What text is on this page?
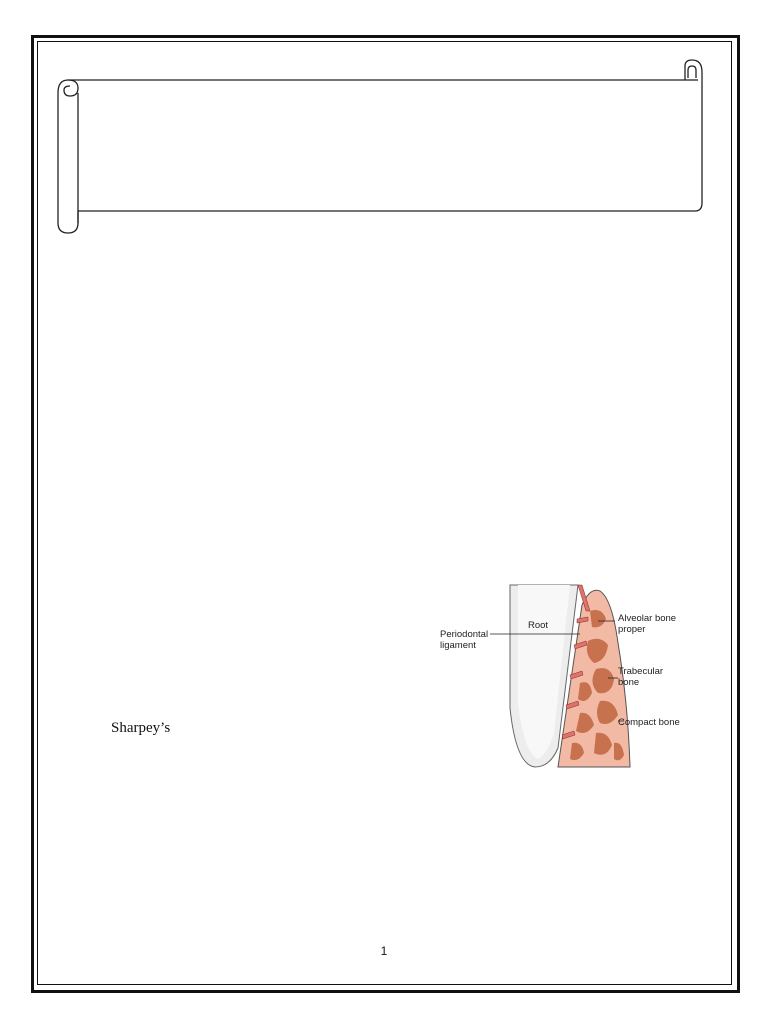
Sharpey’s
Root
Periodontal
ligament
Alveolar bone
proper
Trabecular
bone
Compact bone
1
